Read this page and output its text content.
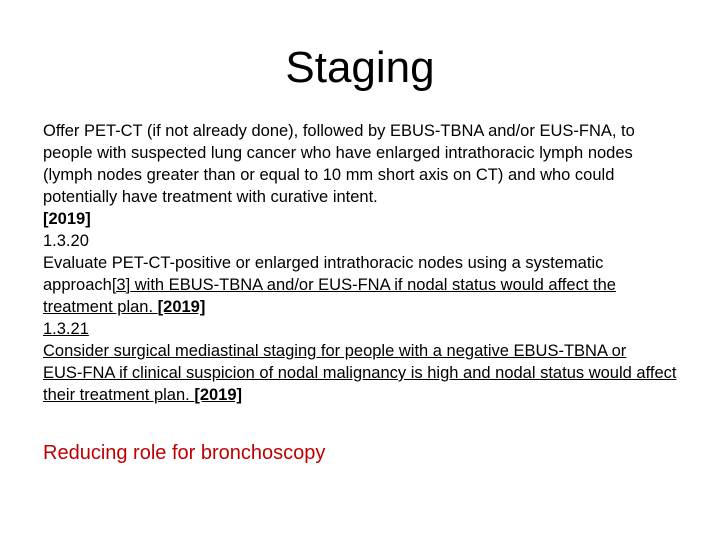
Staging

Offer PET-CT (if not already done), followed by EBUS‑TBNA and/or EUS‑FNA, to people with suspected lung cancer who have enlarged intrathoracic lymph nodes (lymph nodes greater than or equal to 10 mm short axis on CT) and who could potentially have treatment with curative intent.

[2019]

1.3.20

Evaluate PET-CT-positive or enlarged intrathoracic nodes using a systematic approach[3] with EBUS‑TBNA and/or EUS‑FNA if nodal status would affect the treatment plan. [2019]

1.3.21

Consider surgical mediastinal staging for people with a negative EBUS‑TBNA or EUS‑FNA if clinical suspicion of nodal malignancy is high and nodal status would affect their treatment plan. [2019]

Reducing role for bronchoscopy
